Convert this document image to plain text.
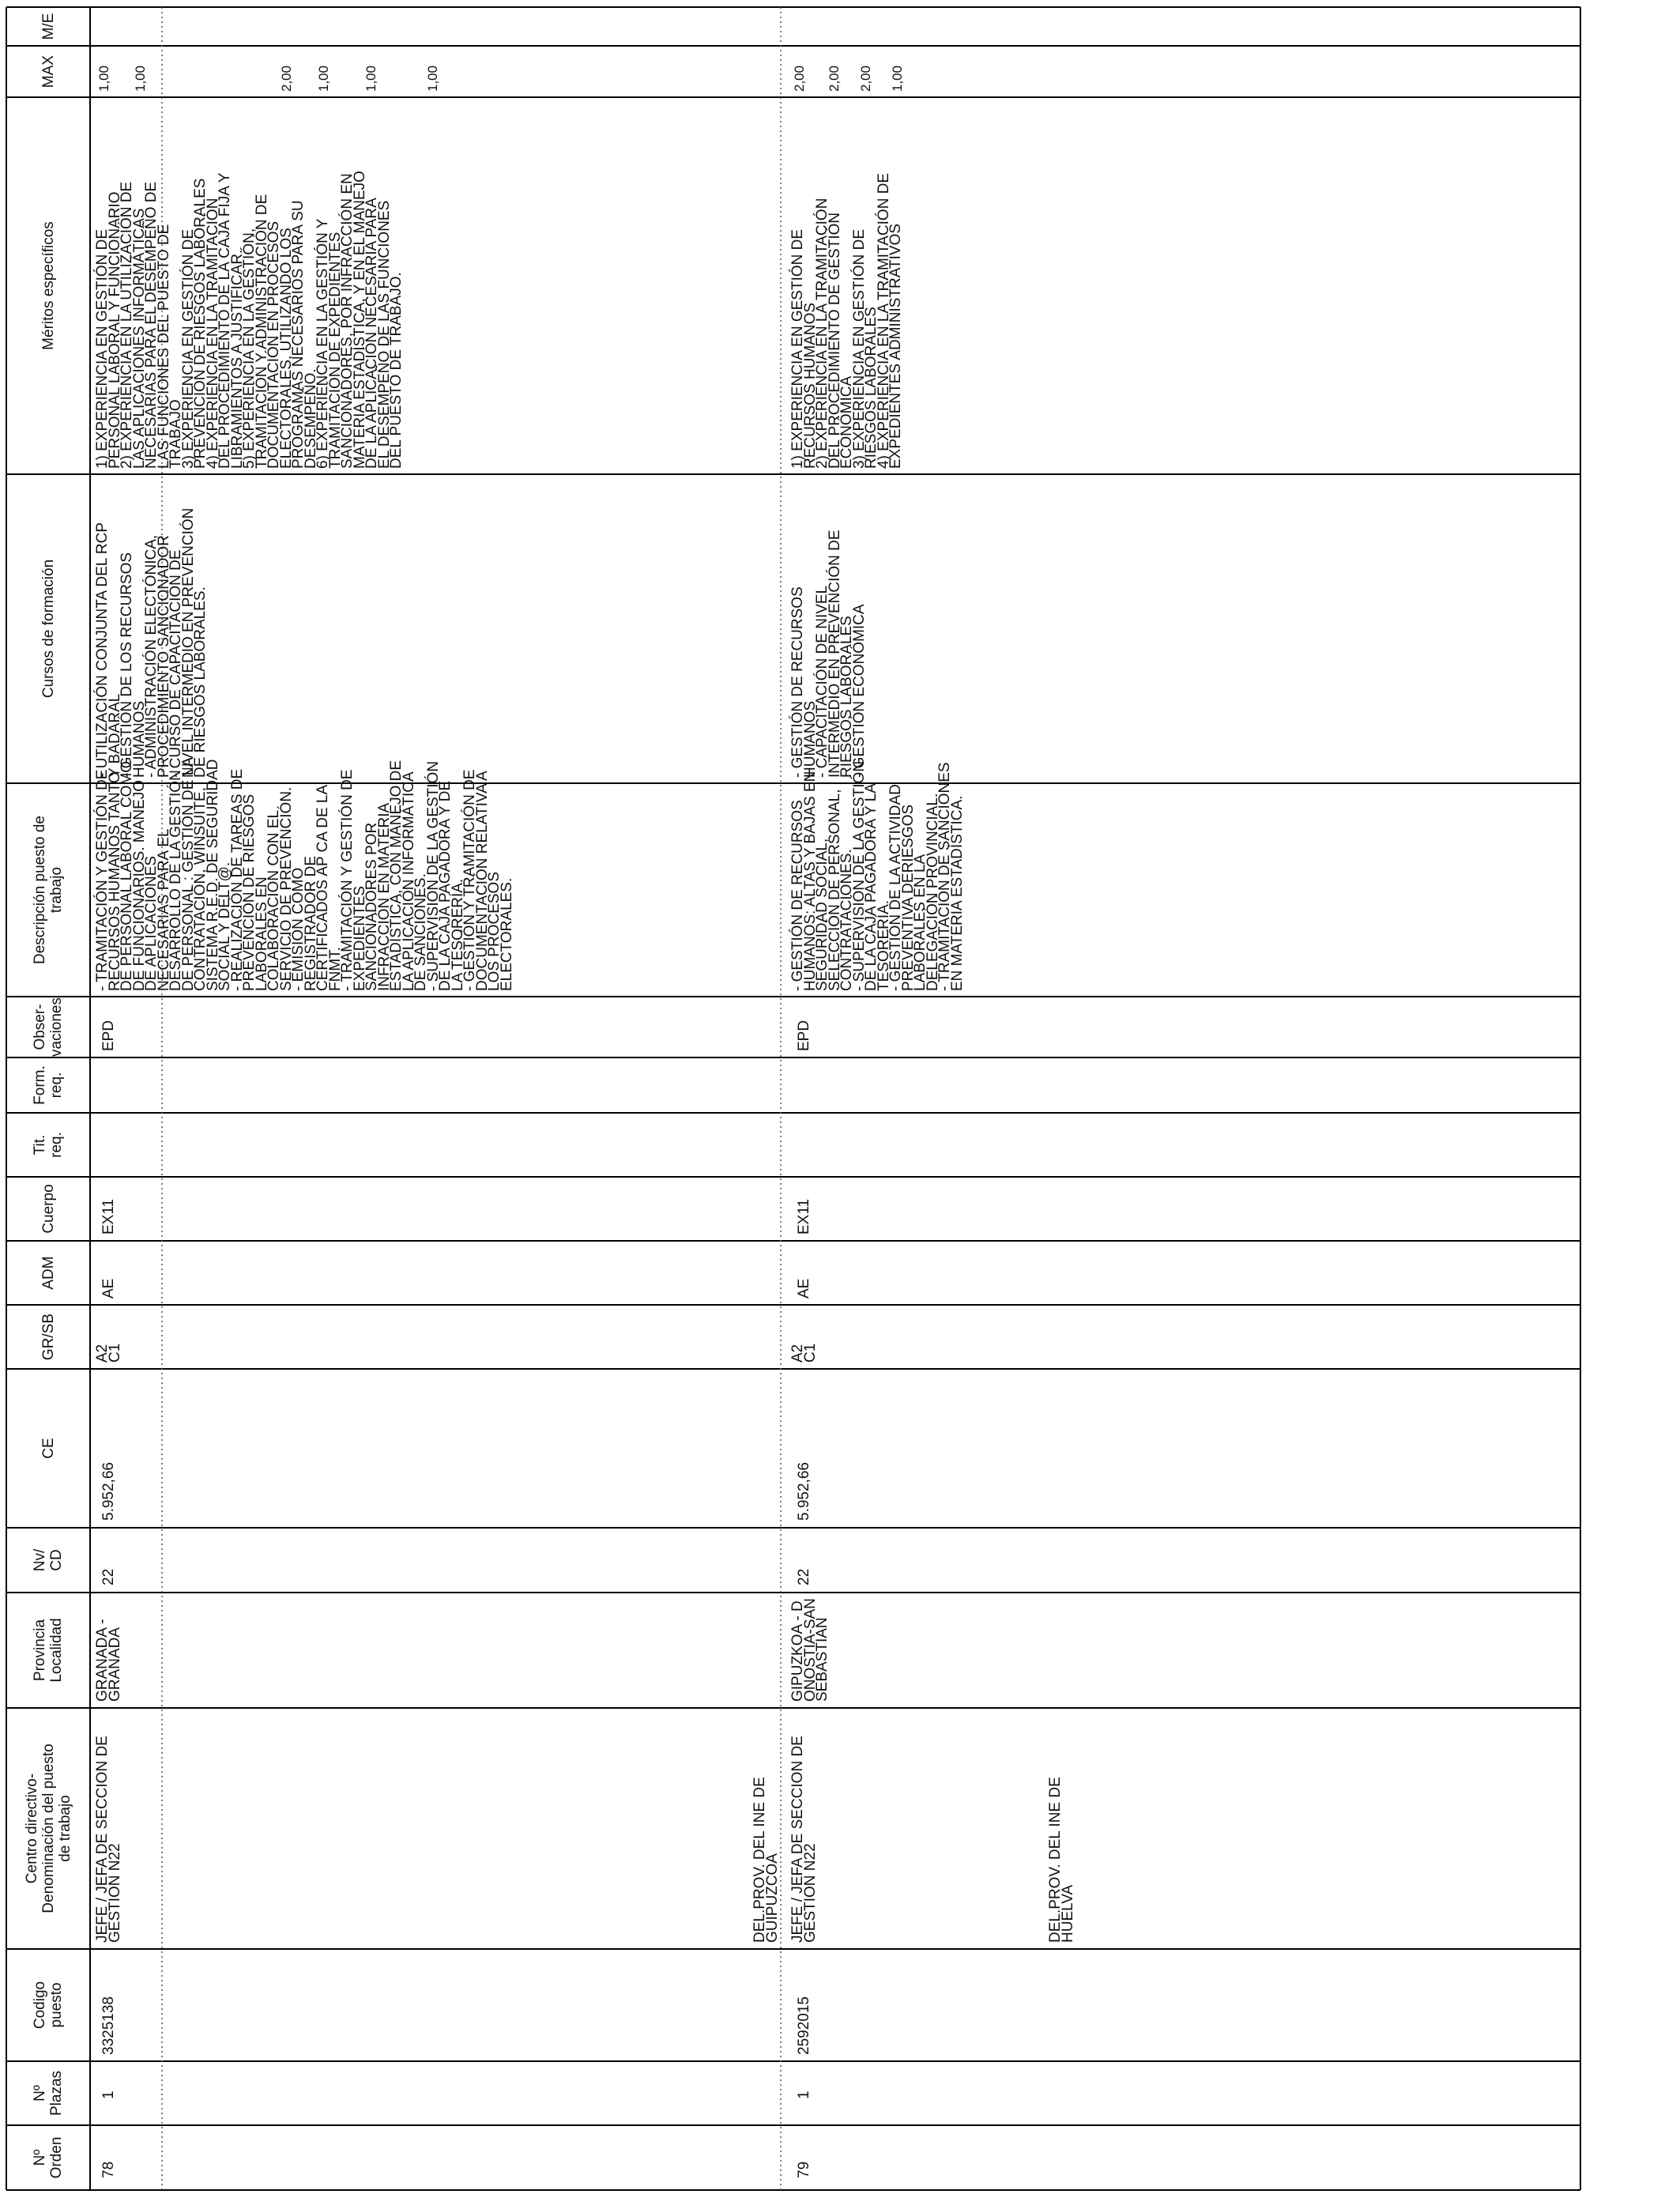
Nº
Orden
Nº
Plazas
Codigo
puesto
Centro directivo-
Denominación del puesto
de trabajo
Provincia
Localidad
Nv/
CD
CE
GR/SB
ADM
Cuerpo
Tit.
req.
Form.
req.
Obser-
vaciones
Descripción puesto de
trabajo
Cursos de formación
Méritos específicos
MAX
M/E
78
1
3325138
JEFE / JEFA DE SECCION DE
GESTION N22
DEL.PROV. DEL INE DE
GUIPUZCOA
GRANADA -
GRANADA
22
5.952,66
A2
C1
AE
EX11
EPD
- TRAMITACIÓN Y GESTIÓN DE
RECURSOS HUMANOS TANTO
DE PERSONAL LABORAL COMO
DE FUNCIONARIOS. MANEJO
DE APLICACIONES
NECESARIAS PARA EL
DESARROLLO DE LA GESTIÓN
DE PERSONAL : GESTIÓN DE LA
CONTRATACIÓN, WINSUITE,
SISTEMA R.E.D. DE SEGURIDAD
SOCIAL Y DELT@.
- REALIZACIÓN DE TAREAS DE
PREVENCIÓN DE RIESGOS
LABORALES EN
COLABORACIÓN CON EL
SERVICIO DE PREVENCIÓN.
- EMISIÓN COMO
REGISTRADOR DE
CERTIFICADOS AP CA DE LA
FNMT.
- TRAMITACIÓN Y GESTIÓN DE
EXPEDIENTES
SANCIONADORES POR
INFRACCIÓN EN MATERIA
ESTADÍSTICA, CON MANEJO DE
LA APLICACIÓN INFORMÁTICA
DE SANCIONES.
- SUPERVISIÓN DE LA GESTIÓN
DE LA CAJA PAGADORA Y DE
LA TESORERÍA.
- GESTIÓN Y TRAMITACIÓN DE
DOCUMENTACIÓN RELATIVA A
LOS PROCESOS
ELECTORALES.
- UTILIZACIÓN CONJUNTA DEL RCP
Y BADARAL
- GESTIÓN DE LOS RECURSOS
HUMANOS
- ADMINISTRACIÓN ELECTÓNICA,
PROCEDIMIENTO SANCIONADOR
- CURSO DE CAPACITACIÓN DE
NIVEL INTERMEDIO EN PREVENCIÓN
DE RIESGOS LABORALES.
1) EXPERIENCIA EN GESTIÓN DE
PERSONAL LABORAL Y FUNCIONARIO
2) EXPERIENCIA EN LA UTILIZACIÓN DE
LAS APLICACIONES INFORMÁTICAS
NECESARIAS PARA EL DESEMPEÑO DE
LAS FUNCIONES DEL PUESTO DE
TRABAJO
3) EXPERIENCIA EN GESTIÓN DE
PREVENCIÓN DE RIESGOS LABORALES
4) EXPERIENCIA EN LA TRAMITACIÓN
DEL PROCEDIMIENTO DE LA CAJA FIJA Y
LIBRAMIENTOS A JUSTIFICAR.
5) EXPERIENCIA EN LA GESTIÓN,
TRAMITACIÓN Y ADMINISTRACIÓN DE
DOCUMENTACIÓN EN PROCESOS
ELECTORALES, UTILIZANDO LOS
PROGRAMAS NECESARIOS PARA SU
DESEMPEÑO.
6) EXPERIENCIA EN LA GESTIÓN Y
TRAMITACIÓN DE EXPEDIENTES
SANCIONADORES, POR INFRACCIÓN EN
MATERIA ESTADÍSTICA, Y EN EL MANEJO
DE LA APLICACIÓN NECESARIA PARA
EL DESEMPEÑO DE LAS FUNCIONES
DEL PUESTO DE TRABAJO.
1,00 1,00	2,00 1,00 1,00	1,00
79
1
2592015
JEFE / JEFA DE SECCION DE
GESTION N22
DEL.PROV. DEL INE DE
HUELVA
GIPUZKOA - D
ONOSTIA-SAN
SEBASTIAN
22
5.952,66
A2
C1
AE
EX11
EPD
- GESTIÓN DE RECURSOS
HUMANOS: ALTAS Y BAJAS EN
SEGURIDAD SOCIAL,
SELECCIÓN DE PERSONAL,
CONTRATACIONES.
- SUPERVISIÓN DE LA GESTIÓN
DE LA CAJA PAGADORA Y LA
TESORERÍA.
- GESTIÓN DE LA ACTIVIDAD
PREVENTIVA DERIESGOS
LABORALES EN LA
DELEGACIÓN PROVINCIAL.
- TRAMITACIÓN DE SANCIONES
EN MATERIA ESTADÍSTICA.
- GESTIÓN DE RECURSOS
HUMANOS
- CAPACITACIÓN DE NIVEL
INTERMEDIO EN PREVENCIÓN DE
RIESGOS LABORALES
- GESTIÓN ECONÓMICA
1) EXPERIENCIA EN GESTIÓN DE
RECURSOS HUMANOS
2) EXPERIENCIA EN LA TRAMITACIÓN
DEL PROCEDIMIENTO DE GESTIÓN
ECONÓMICA
3) EXPERIENCIA EN GESTIÓN DE
RIESGOS LABORALES
4) EXPERIENCIA EN LA TRAMITACIÓN DE
EXPEDIENTES ADMINISTRATIVOS
2,00 2,00 2,00 1,00
